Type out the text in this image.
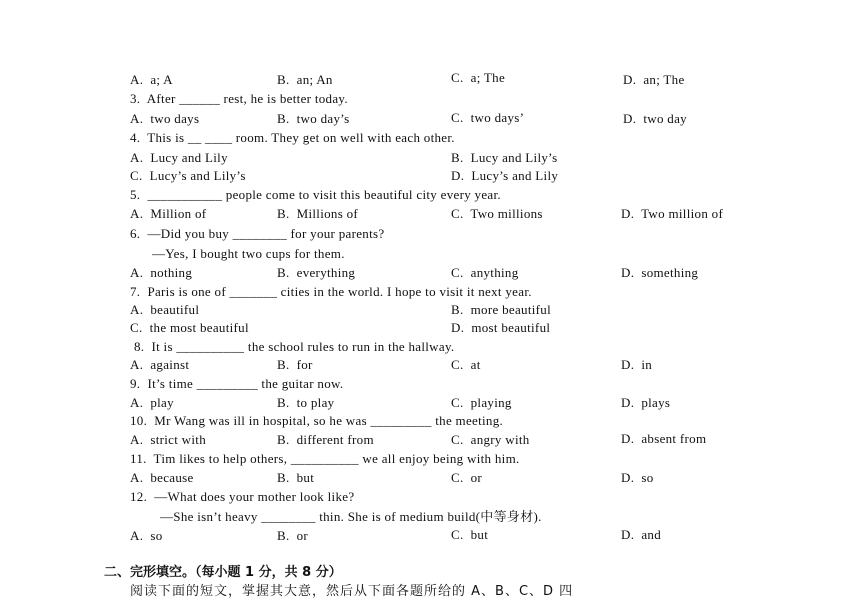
A.  a; A	B.  an; An	C.  a; The	D.  an; The
3.  After ______ rest, he is better today.
A.  two days	B.  two day’s	C.  two days’	D.  two day
4.  This is __ ____ room. They get on well with each other.
A.  Lucy and Lily	B.  Lucy and Lily’s
C.  Lucy’s and Lily’s	D.  Lucy’s and Lily
5.  ___________ people come to visit this beautiful city every year.
A.  Million of	B.  Millions of	C.  Two millions	D.  Two million of
6.  —Did you buy ________ for your parents?
—Yes, I bought two cups for them.
A.  nothing	B.  everything	C.  anything	D.  something
7.  Paris is one of _______ cities in the world. I hope to visit it next year.
A.  beautiful	B.  more beautiful
C.  the most beautiful	D.  most beautiful
8.  It is __________ the school rules to run in the hallway.
A.  against	B.  for	C.  at	D.  in
9.  It’s time _________ the guitar now.
A.  play	B.  to play	C.  playing	D.  plays
10.  Mr Wang was ill in hospital, so he was _________ the meeting.
A.  strict with	B.  different from	C.  angry with	D.  absent from
11.  Tim likes to help others, __________ we all enjoy being with him.
A.  because	B.  but	C.  or	D.  so
12.  —What does your mother look like?
—She isn’t heavy ________ thin. She is of medium build(中等身材).
A.  so	B.  or	C.  but	D.  and
二、完形填空。（每小题 1 分，共 8 分）
阅读下面的短文，掌握其大意，然后从下面各题所给的 A、B、C、D 四
